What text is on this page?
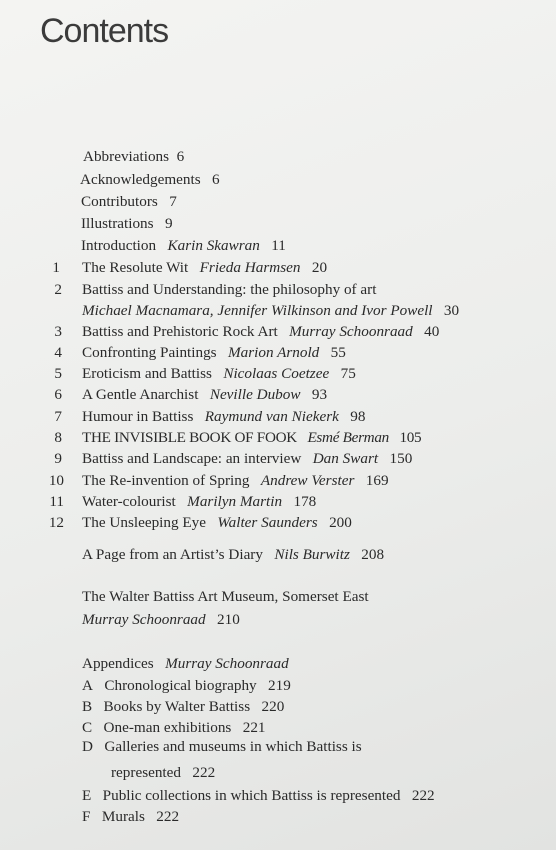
Contents
Abbreviations 6
Acknowledgements 6
Contributors 7
Illustrations 9
Introduction Karin Skawran 11
1 The Resolute Wit Frieda Harmsen 20
2 Battiss and Understanding: the philosophy of art
Michael Macnamara, Jennifer Wilkinson and Ivor Powell 30
3 Battiss and Prehistoric Rock Art Murray Schoonraad 40
4 Confronting Paintings Marion Arnold 55
5 Eroticism and Battiss Nicolaas Coetzee 75
6 A Gentle Anarchist Neville Dubow 93
7 Humour in Battiss Raymund van Niekerk 98
8 THE INVISIBLE BOOK OF FOOK Esmé Berman 105
9 Battiss and Landscape: an interview Dan Swart 150
10 The Re-invention of Spring Andrew Verster 169
11 Water-colourist Marilyn Martin 178
12 The Unsleeping Eye Walter Saunders 200
A Page from an Artist’s Diary Nils Burwitz 208
The Walter Battiss Art Museum, Somerset East
Murray Schoonraad 210
Appendices Murray Schoonraad
A Chronological biography 219
B Books by Walter Battiss 220
C One-man exhibitions 221
D Galleries and museums in which Battiss is
represented 222
E Public collections in which Battiss is represented 222
F Murals 222
